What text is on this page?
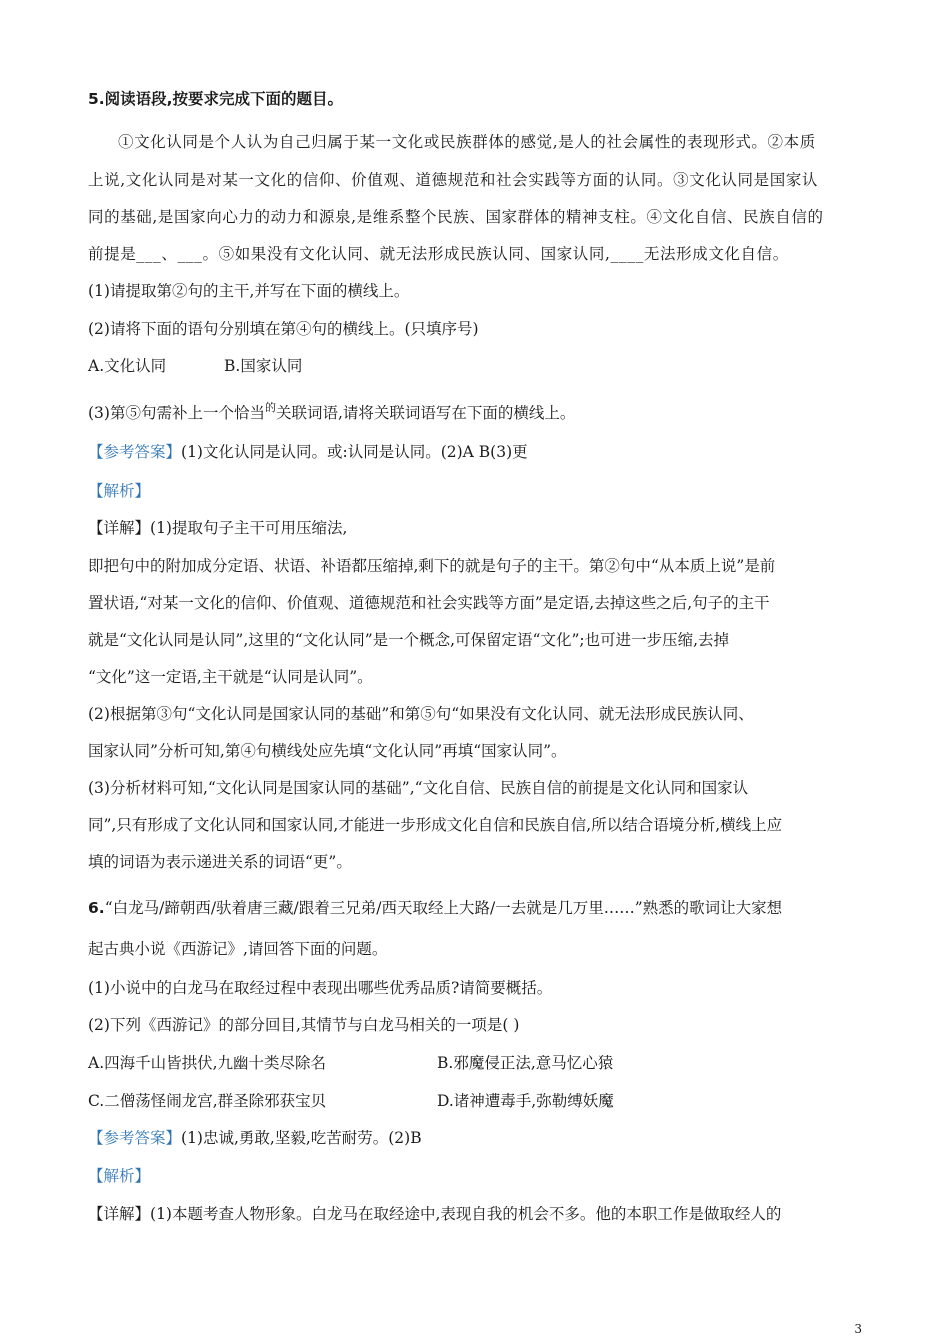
5.阅读语段,按要求完成下面的题目。
①文化认同是个人认为自己归属于某一文化或民族群体的感觉,是人的社会属性的表现形式。②本质
上说,文化认同是对某一文化的信仰、价值观、道德规范和社会实践等方面的认同。③文化认同是国家认
同的基础,是国家向心力的动力和源泉,是维系整个民族、国家群体的精神支柱。④文化自信、民族自信的
前提是___、___。⑤如果没有文化认同、就无法形成民族认同、国家认同,____无法形成文化自信。
(1)请提取第②句的主干,并写在下面的横线上。
(2)请将下面的语句分别填在第④句的横线上。(只填序号)
A.文化认同	B.国家认同
(3)第⑤句需补上一个恰当$^的$关联词语,请将关联词语写在下面的横线上。
【参考答案】(1)文化认同是认同。或:认同是认同。(2)A B(3)更
【解析】
【详解】(1)提取句子主干可用压缩法,
即把句中的附加成分定语、状语、补语都压缩掉,剩下的就是句子的主干。第②句中“从本质上说”是前
置状语,“对某一文化的信仰、价值观、道德规范和社会实践等方面”是定语,去掉这些之后,句子的主干
就是“文化认同是认同”,这里的“文化认同”是一个概念,可保留定语“文化”;也可进一步压缩,去掉
“文化”这一定语,主干就是“认同是认同”。
(2)根据第③句“文化认同是国家认同的基础”和第⑤句“如果没有文化认同、就无法形成民族认同、
国家认同”分析可知,第④句横线处应先填“文化认同”再填“国家认同”。
(3)分析材料可知,“文化认同是国家认同的基础”,“文化自信、民族自信的前提是文化认同和国家认
同”,只有形成了文化认同和国家认同,才能进一步形成文化自信和民族自信,所以结合语境分析,横线上应
填的词语为表示递进关系的词语“更”。
6.“白龙马/蹄朝西/驮着唐三藏/跟着三兄弟/西天取经上大路/一去就是几万里……”熟悉的歌词让大家想
起古典小说《西游记》,请回答下面的问题。
(1)小说中的白龙马在取经过程中表现出哪些优秀品质?请简要概括。
(2)下列《西游记》的部分回目,其情节与白龙马相关的一项是( )
A.四海千山皆拱伏,九幽十类尽除名	B.邪魔侵正法,意马忆心猿
C.二僧荡怪闹龙宫,群圣除邪获宝贝	D.诸神遭毒手,弥勒缚妖魔
【参考答案】(1)忠诚,勇敢,坚毅,吃苦耐劳。(2)B
【解析】
【详解】(1)本题考查人物形象。白龙马在取经途中,表现自我的机会不多。他的本职工作是做取经人的
3
